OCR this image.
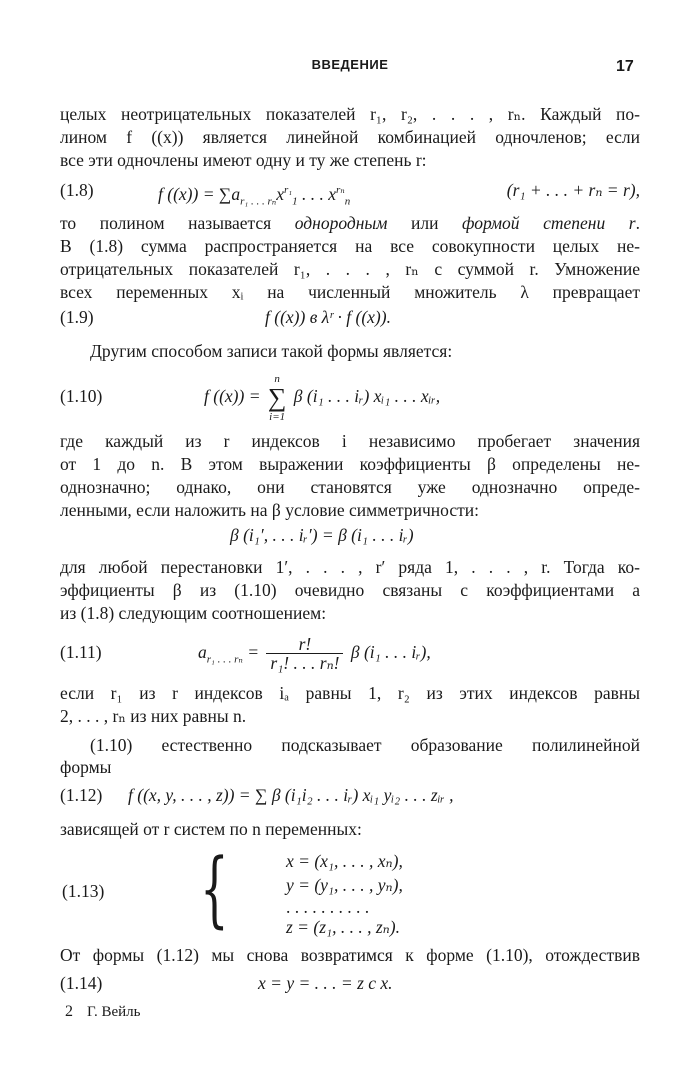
ВВЕДЕНИЕ	17
целых неотрицательных показателей r₁, r₂, . . . , rₙ. Каждый по-
лином f ((x)) является линейной комбинацией одночленов; если
все эти одночлены имеют одну и ту же степень r:
(1.8)	f $((x)) = \sum a_{r_1 . . . r_n}x^{r_1}_1$ . . . $x^{r_n}_n$
(r₁ + . . . + rₙ = r),
то полином называется однородным или формой степени r.
В (1.8) сумма распространяется на все совокупности целых не-
отрицательных показателей r₁, . . . , rₙ с суммой r. Умножение
всех переменных xᵢ на численный множитель λ превращает
(1.9)	f ((x)) в λʳ · f ((x)).
Другим способом записи такой формы является:
(1.10)	f ((x)) =
n
∑
i=1
β (i₁ . . . iᵣ) xᵢ₁ . . . xᵢᵣ,
где каждый из r индексов i независимо пробегает значения
от 1 до n. В этом выражении коэффициенты β определены не-
однозначно; однако, они становятся уже однозначно опреде-
ленными, если наложить на β условие симметричности:
β (i₁′, . . . iᵣ′) = β (i₁ . . . iᵣ)
для любой перестановки 1′, . . . , r′ ряда 1, . . . , r. Тогда ко-
эффициенты β из (1.10) очевидно связаны с коэффициентами a
из (1.8) следующим соотношением:
(1.11)	$a_{r_1 . . . r_n} = \frac{r!}{\text{r₁! . . . rₙ!}}$ β (i₁ . . . iᵣ),
если r₁ из r индексов iₐ равны 1, r₂ из этих индексов равны
2, . . . , rₙ из них равны n.
(1.10) естественно подсказывает образование полилинейной
формы
(1.12) f ((x, y, . . . , z)) = ∑ β (i₁i₂ . . . iᵣ) xᵢ₁ yᵢ₂ . . . zᵢᵣ ,
зависящей от r систем по n переменных:
(1.13)	{	x = (x₁, . . . , xₙ),
y = (y₁, . . . , yₙ),
. . . . . . . . . .
z = (z₁, . . . , zₙ).
От формы (1.12) мы снова возвратимся к форме (1.10), отождествив
(1.14)	x = y = . . . = z с x.
2 Г. Вейль
